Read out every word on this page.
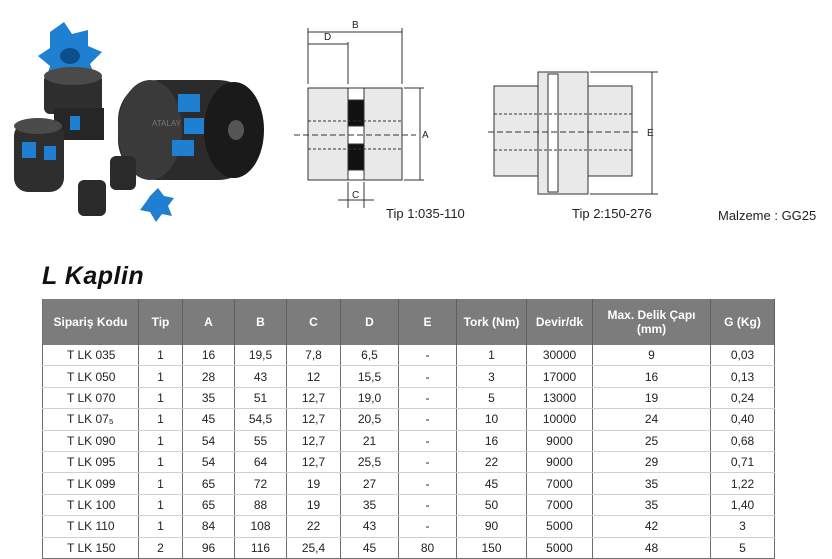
ATALAY
B
D
A
C
Tip 1:035-110
E
Tip 2:150-276	Malzeme : GG25
L Kaplin
Sipariş Kodu	Tip	A	B	C	D	E	Tork (Nm)	Devir/dk	Max. Delik Çapı (mm)	G (Kg)
T LK 035	1	16	19,5	7,8	6,5	-	1	30000	9	0,03
T LK 050	1	28	43	12	15,5	-	3	17000	16	0,13
T LK 070	1	35	51	12,7	19,0	-	5	13000	19	0,24
T LK 07₅	1	45	54,5	12,7	20,5	-	10	10000	24	0,40
T LK 090	1	54	55	12,7	21	-	16	9000	25	0,68
T LK 095	1	54	64	12,7	25,5	-	22	9000	29	0,71
T LK 099	1	65	72	19	27	-	45	7000	35	1,22
T LK 100	1	65	88	19	35	-	50	7000	35	1,40
T LK 110	1	84	108	22	43	-	90	5000	42	3
T LK 150	2	96	116	25,4	45	80	150	5000	48	5
